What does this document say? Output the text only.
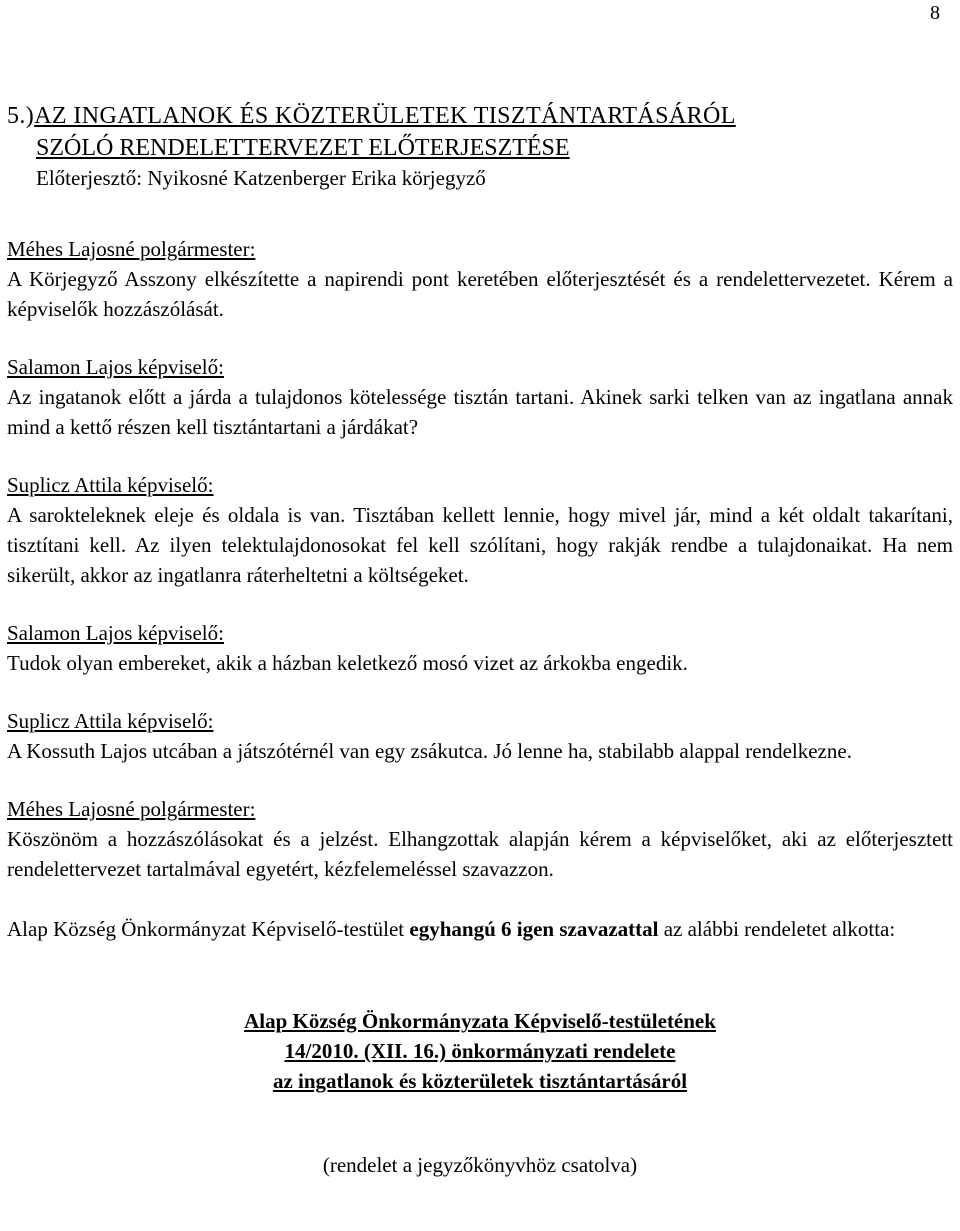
8
5.)AZ INGATLANOK ÉS KÖZTERÜLETEK TISZTÁNTARTÁSÁRÓL
SZÓLÓ RENDELETTERVEZET ELŐTERJESZTÉSE
Előterjesztő: Nyikosné Katzenberger Erika körjegyző
Méhes Lajosné polgármester:

A Körjegyző Asszony elkészítette a napirendi pont keretében előterjesztését és a rendelettervezetet. Kérem a képviselők hozzászólását.

Salamon Lajos képviselő:

Az ingatanok előtt a járda a tulajdonos kötelessége tisztán tartani. Akinek sarki telken van az ingatlana annak mind a kettő részen kell tisztántartani a járdákat?

Suplicz Attila képviselő:

A sarokteleknek eleje és oldala is van. Tisztában kellett lennie, hogy mivel jár, mind a két oldalt takarítani, tisztítani kell. Az ilyen telektulajdonosokat fel kell szólítani, hogy rakják rendbe a tulajdonaikat. Ha nem sikerült, akkor az ingatlanra ráterheltetni a költségeket.

Salamon Lajos képviselő:

Tudok olyan embereket, akik a házban keletkező mosó vizet az árkokba engedik.

Suplicz Attila képviselő:

A Kossuth Lajos utcában a játszótérnél van egy zsákutca. Jó lenne ha, stabilabb alappal rendelkezne.

Méhes Lajosné polgármester:

Köszönöm a hozzászólásokat és a jelzést. Elhangzottak alapján kérem a képviselőket, aki az előterjesztett rendelettervezet tartalmával egyetért, kézfelemeléssel szavazzon.

Alap Község Önkormányzat Képviselő-testület egyhangú 6 igen szavazattal az alábbi rendeletet alkotta:

Alap Község Önkormányzata Képviselő-testületének
14/2010. (XII. 16.) önkormányzati rendelete
az ingatlanok és közterületek tisztántartásáról
(rendelet a jegyzőkönyvhöz csatolva)
